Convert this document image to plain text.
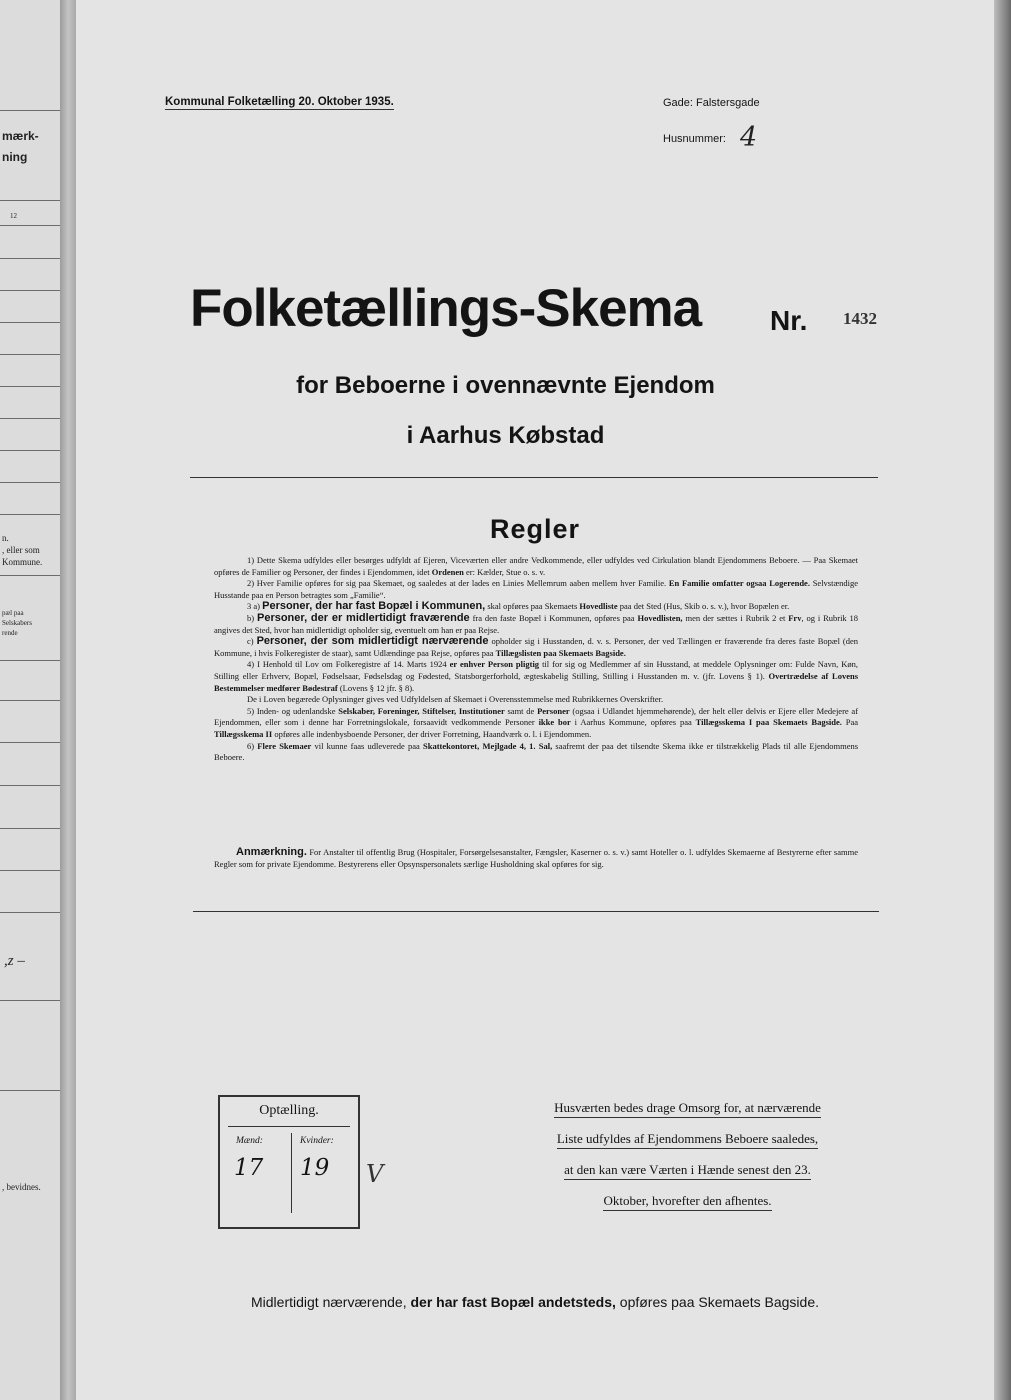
mærk-
ning
12
n.
, eller som
Kommune.
pæl paa
Selskabers
rende
,z –
, bevidnes.
Kommunal Folketælling 20. Oktober 1935.	Gade: Falstersgade
Husnummer: 4
Folketællings-Skema Nr. 1432
for Beboerne i ovennævnte Ejendom
i Aarhus Købstad
Regler

1) Dette Skema udfyldes eller besørges udfyldt af Ejeren, Viceværten eller andre Vedkommende, eller udfyldes ved Cirkulation blandt Ejendommens Beboere. — Paa Skemaet opføres de Familier og Personer, der findes i Ejendommen, idet Ordenen er: Kælder, Stue o. s. v.

2) Hver Familie opføres for sig paa Skemaet, og saaledes at der lades en Linies Mellemrum aaben mellem hver Familie. En Familie omfatter ogsaa Logerende. Selvstændige Husstande paa en Person betragtes som „Familie“.

3 a) Personer, der har fast Bopæl i Kommunen, skal opføres paa Skemaets Hovedliste paa det Sted (Hus, Skib o. s. v.), hvor Bopælen er.

b) Personer, der er midlertidigt fraværende fra den faste Bopæl i Kommunen, opføres paa Hovedlisten, men der sættes i Rubrik 2 et Frv, og i Rubrik 18 angives det Sted, hvor han midlertidigt opholder sig, eventuelt om han er paa Rejse.

c) Personer, der som midlertidigt nærværende opholder sig i Husstanden, d. v. s. Personer, der ved Tællingen er fraværende fra deres faste Bopæl (den Kommune, i hvis Folkeregister de staar), samt Udlændinge paa Rejse, opføres paa Tillægslisten paa Skemaets Bagside.

4) I Henhold til Lov om Folkeregistre af 14. Marts 1924 er enhver Person pligtig til for sig og Medlemmer af sin Husstand, at meddele Oplysninger om: Fulde Navn, Køn, Stilling eller Erhverv, Bopæl, Fødselsaar, Fødselsdag og Fødested, Statsborgerforhold, ægteskabelig Stilling, Stilling i Husstanden m. v. (jfr. Lovens § 1). Overtrædelse af Lovens Bestemmelser medfører Bødestraf (Lovens § 12 jfr. § 8).

De i Loven begærede Oplysninger gives ved Udfyldelsen af Skemaet i Overensstemmelse med Rubrikkernes Overskrifter.

5) Inden- og udenlandske Selskaber, Foreninger, Stiftelser, Institutioner samt de Personer (ogsaa i Udlandet hjemmehørende), der helt eller delvis er Ejere eller Medejere af Ejendommen, eller som i denne har Forretningslokale, forsaavidt vedkommende Personer ikke bor i Aarhus Kommune, opføres paa Tillægsskema I paa Skemaets Bagside. Paa Tillægsskema II opføres alle indenbysboende Personer, der driver Forretning, Haandværk o. l. i Ejendommen.

6) Flere Skemaer vil kunne faas udleverede paa Skattekontoret, Mejlgade 4, 1. Sal, saafremt der paa det tilsendte Skema ikke er tilstrækkelig Plads til alle Ejendommens Beboere.

Anmærkning. For Anstalter til offentlig Brug (Hospitaler, Forsørgelsesanstalter, Fængsler, Kaserner o. s. v.) samt Hoteller o. l. udfyldes Skemaerne af Bestyrerne efter samme Regler som for private Ejendomme. Bestyrerens eller Opsynspersonalets særlige Husholdning skal opføres for sig.
Optælling.
Mænd:	Kvinder:
17 19 V
Husværten bedes drage Omsorg for, at nærværende Liste udfyldes af Ejendommens Beboere saaledes, at den kan være Værten i Hænde senest den 23. Oktober, hvorefter den afhentes.
Midlertidigt nærværende, der har fast Bopæl andetsteds, opføres paa Skemaets Bagside.
